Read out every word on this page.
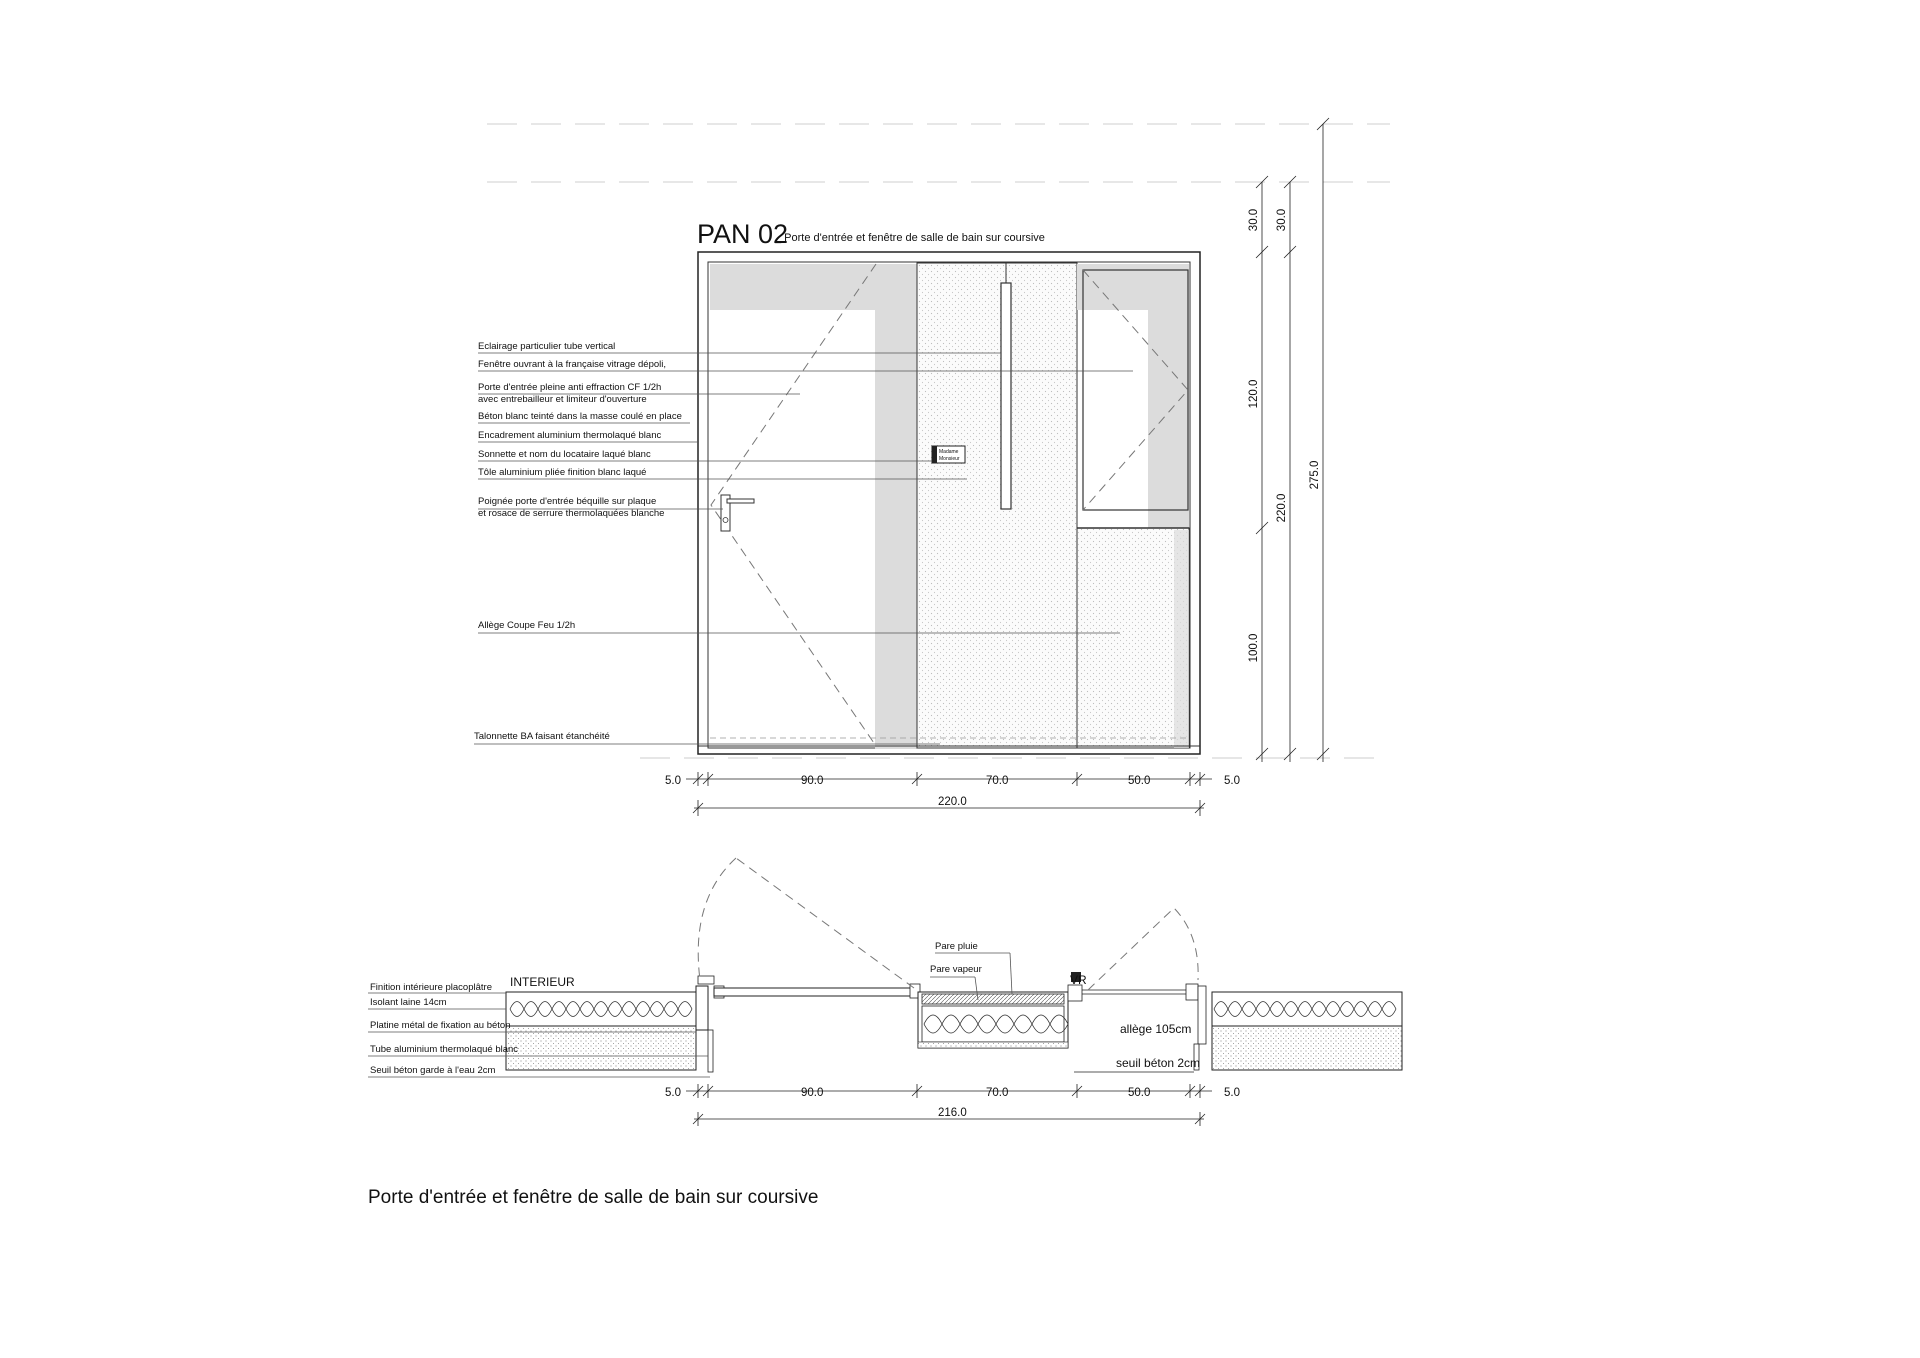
PAN 02
_ Porte d'entrée et fenêtre de salle de bain sur coursive
Madame
Monsieur
Eclairage particulier tube vertical
Fenêtre ouvrant à la française vitrage dépoli,
Porte d'entrée pleine anti effraction CF 1/2h
avec entrebailleur et limiteur d'ouverture
Béton blanc teinté dans la masse coulé en place
Encadrement aluminium thermolaqué blanc
Sonnette et nom du locataire laqué blanc
Tôle aluminium pliée finition blanc laqué
Poignée porte d'entrée béquille sur plaque
et rosace de serrure thermolaquées blanche
Allège Coupe Feu 1/2h
Talonnette BA faisant étanchéité
5.0	90.0	70.0	50.0	5.0
220.0
30.0
120.0
100.0
30.0
220.0
275.0
Finition intérieure placoplâtre
Isolant laine 14cm
Platine métal de fixation au béton
Tube aluminium thermolaqué blanc
Seuil béton garde à l'eau 2cm
INTERIEUR
Pare pluie
Pare vapeur
VR
allège 105cm
seuil béton 2cm
5.0	90.0	70.0	50.0	5.0
216.0
Porte d'entrée et fenêtre de salle de bain sur coursive
